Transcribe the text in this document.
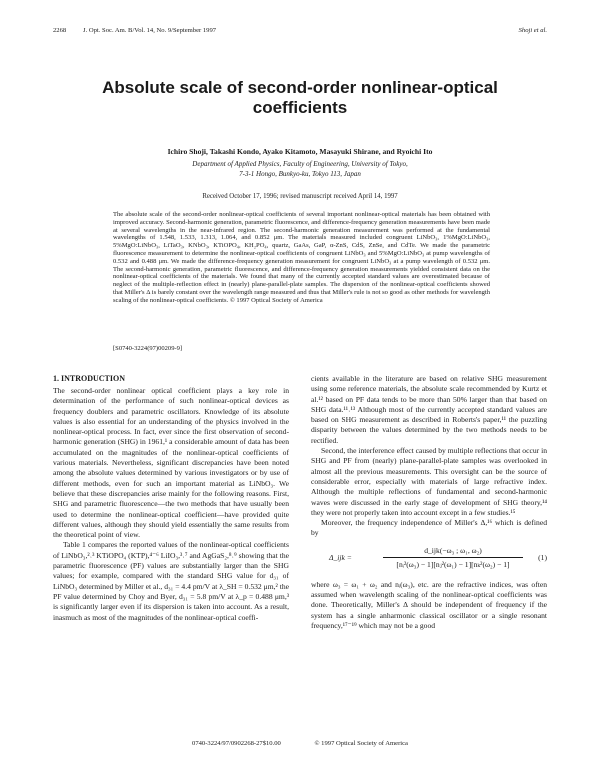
2268	J. Opt. Soc. Am. B/Vol. 14, No. 9/September 1997	Shoji et al.
Absolute scale of second-order nonlinear-optical coefficients
Ichiro Shoji, Takashi Kondo, Ayako Kitamoto, Masayuki Shirane, and Ryoichi Ito
Department of Applied Physics, Faculty of Engineering, University of Tokyo,
7-3-1 Hongo, Bunkyo-ku, Tokyo 113, Japan
Received October 17, 1996; revised manuscript received April 14, 1997

The absolute scale of the second-order nonlinear-optical coefficients of several important nonlinear-optical materials has been obtained with improved accuracy. Second-harmonic generation, parametric fluorescence, and difference-frequency generation measurements have been made at several wavelengths in the near-infrared region. The second-harmonic generation measurement was performed at the fundamental wavelengths of 1.548, 1.533, 1.313, 1.064, and 0.852 μm. The materials measured included congruent LiNbO₃, 1%MgO:LiNbO₃, 5%MgO:LiNbO₃, LiTaO₃, KNbO₃, KTiOPO₄, KH₂PO₄, quartz, GaAs, GaP, α-ZnS, CdS, ZnSe, and CdTe. We made the parametric fluorescence measurement to determine the nonlinear-optical coefficients of congruent LiNbO₃ and 5%MgO:LiNbO₃ at pump wavelengths of 0.532 and 0.488 μm. We made the difference-frequency generation measurement for congruent LiNbO₃ at a pump wavelength of 0.532 μm. The second-harmonic generation, parametric fluorescence, and difference-frequency generation measurements yielded consistent data on the nonlinear-optical coefficients of the materials. We found that many of the currently accepted standard values are overestimated because of neglect of the multiple-reflection effect in (nearly) plane-parallel-plate samples. The dispersion of the nonlinear-optical coefficients showed that Miller's Δ is barely constant over the wavelength range measured and thus that Miller's rule is not so good as other methods for wavelength scaling of the nonlinear-optical coefficients. © 1997 Optical Society of America

[S0740-3224(97)00209-9]
1. INTRODUCTION

The second-order nonlinear optical coefficient plays a key role in determination of the performance of such nonlinear-optical devices as frequency doublers and parametric oscillators. Knowledge of its absolute values is also essential for an understanding of the physics involved in the nonlinear-optical process. In fact, ever since the first observation of second-harmonic generation (SHG) in 1961,¹ a considerable amount of data has been accumulated on the magnitudes of the nonlinear-optical coefficients of various materials. Nevertheless, significant discrepancies have been noted among the absolute values determined by various investigators or by use of different methods, even for such an important material as LiNbO₃. We believe that these discrepancies arise mainly for the following reasons. First, SHG and parametric fluorescence—the two methods that have usually been used to determine the nonlinear-optical coefficient—have provided quite different values, although they should yield essentially the same results from the theoretical point of view.

Table 1 compares the reported values of the nonlinear-optical coefficients of LiNbO₃,²˒³ KTiOPO₄ (KTP),⁴⁻⁶ LiIO₃,³˒⁷ and AgGaS₂,⁸˒⁹ showing that the parametric fluorescence (PF) values are substantially larger than the SHG values; for example, compared with the standard SHG value for d₃₁ of LiNbO₃ determined by Miller et al., d₃₁ = 4.4 pm/V at λ_SH = 0.532 μm,² the PF value determined by Choy and Byer, d₃₁ = 5.8 pm/V at λ_p = 0.488 μm,³ is significantly larger even if its dispersion is taken into account. As a result, inasmuch as most of the magnitudes of the nonlinear-optical coeffi-

cients available in the literature are based on relative SHG measurement using some reference materials, the absolute scale recommended by Kurtz et al.¹² based on PF data tends to be more than 50% larger than that based on SHG data.¹¹˒¹³ Although most of the currently accepted standard values are based on SHG measurement as described in Roberts's paper,¹¹ the puzzling disparity between the values determined by the two methods needs to be rectified.

Second, the interference effect caused by multiple reflections that occur in SHG and PF from (nearly) plane-parallel-plate samples was overlooked in almost all the previous measurements. This oversight can be the source of considerable error, especially with materials of large refractive index. Although the multiple reflections of fundamental and second-harmonic waves were discussed in the early stage of development of SHG theory,¹⁴ they were not properly taken into account except in a few studies.¹⁵

Moreover, the frequency independence of Miller's Δ,¹⁶ which is defined by

Δ_ijk =
d_ijk(−ω₃ ; ω₁, ω₂)
[nᵢ²(ω₃) − 1][nⱼ²(ω₁) − 1][nₖ²(ω₂) − 1]
(1)

where ω₃ = ω₁ + ω₂ and nᵢ(ω₃), etc. are the refractive indices, was often assumed when wavelength scaling of the nonlinear-optical coefficients was done. Theoretically, Miller's Δ should be independent of frequency if the system has a single anharmonic classical oscillator or a single resonant frequency,¹⁷⁻¹⁹ which may not be a good

0740-3224/97/0902268-27$10.00	© 1997 Optical Society of America
